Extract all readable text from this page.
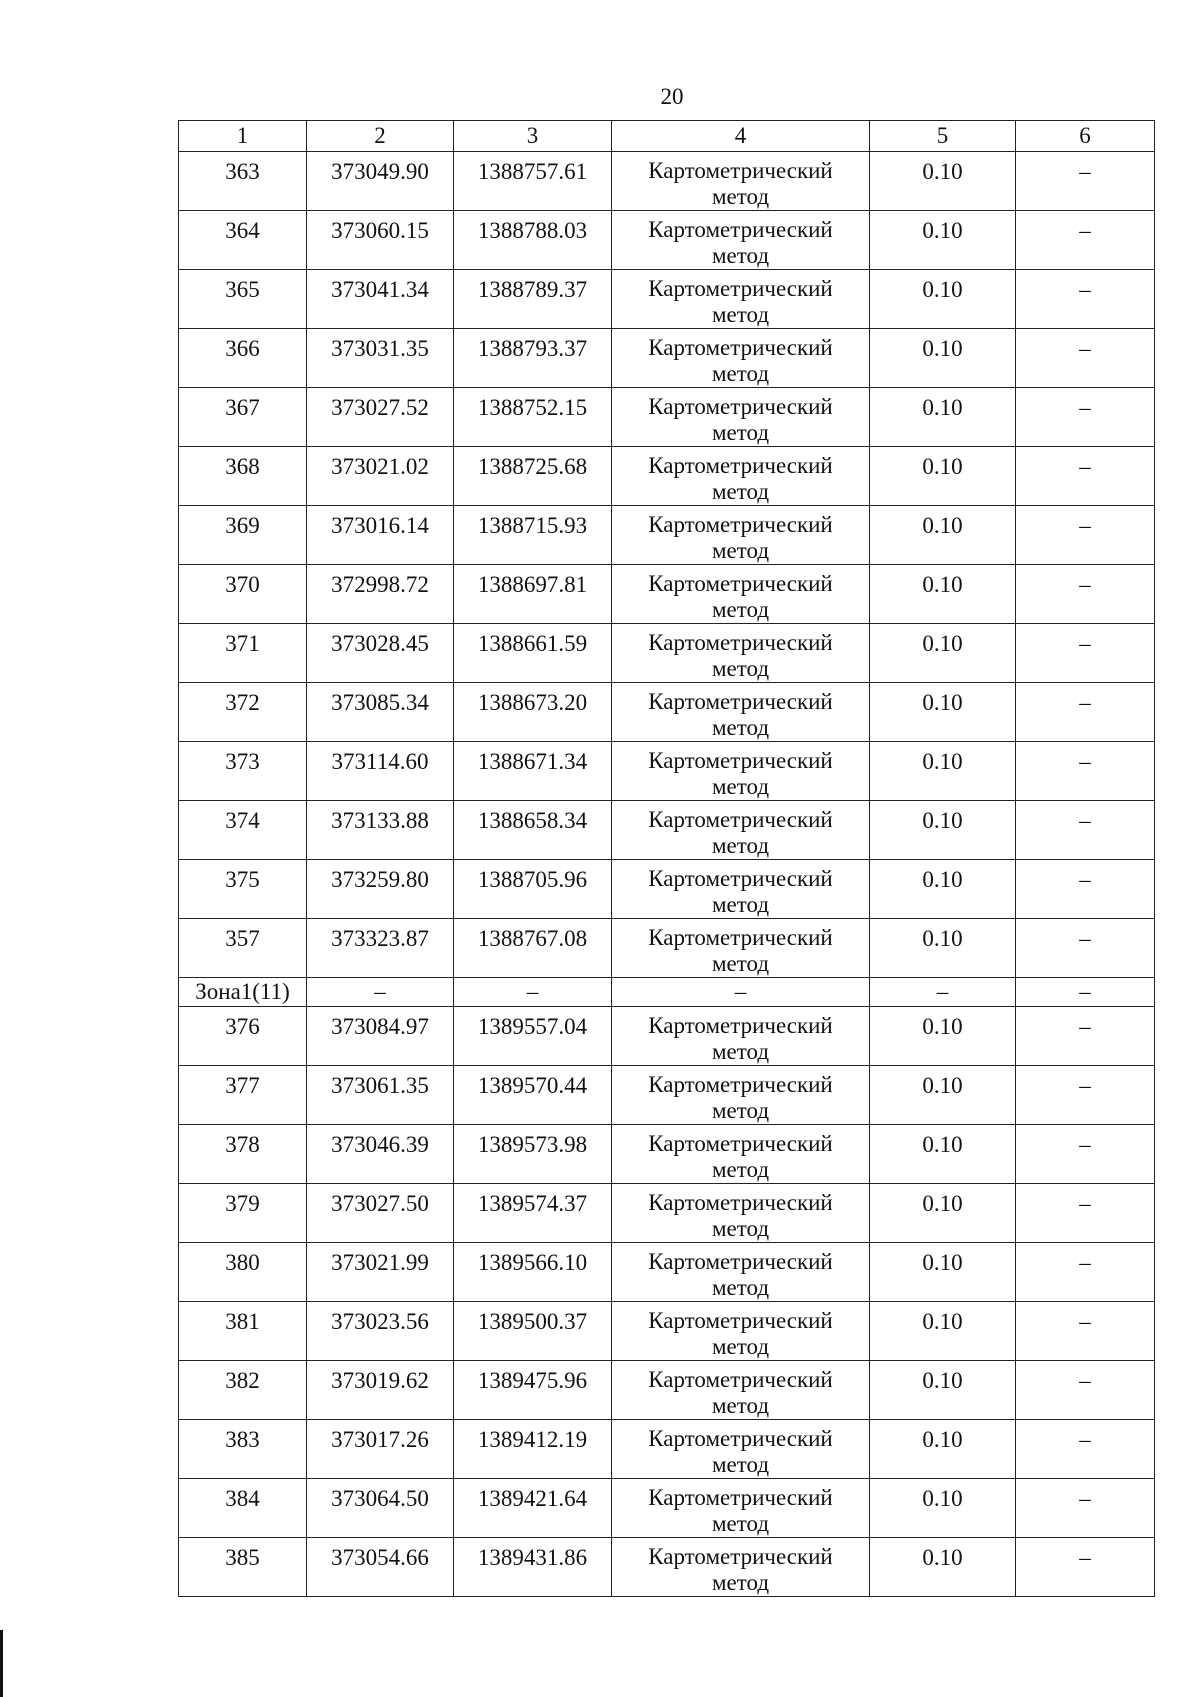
20
1	2	3	4	5	6
363	373049.90	1388757.61	Картометрический метод	0.10	–
364	373060.15	1388788.03	Картометрический метод	0.10	–
365	373041.34	1388789.37	Картометрический метод	0.10	–
366	373031.35	1388793.37	Картометрический метод	0.10	–
367	373027.52	1388752.15	Картометрический метод	0.10	–
368	373021.02	1388725.68	Картометрический метод	0.10	–
369	373016.14	1388715.93	Картометрический метод	0.10	–
370	372998.72	1388697.81	Картометрический метод	0.10	–
371	373028.45	1388661.59	Картометрический метод	0.10	–
372	373085.34	1388673.20	Картометрический метод	0.10	–
373	373114.60	1388671.34	Картометрический метод	0.10	–
374	373133.88	1388658.34	Картометрический метод	0.10	–
375	373259.80	1388705.96	Картометрический метод	0.10	–
357	373323.87	1388767.08	Картометрический метод	0.10	–
Зона1(11)	–	–	–	–	–
376	373084.97	1389557.04	Картометрический метод	0.10	–
377	373061.35	1389570.44	Картометрический метод	0.10	–
378	373046.39	1389573.98	Картометрический метод	0.10	–
379	373027.50	1389574.37	Картометрический метод	0.10	–
380	373021.99	1389566.10	Картометрический метод	0.10	–
381	373023.56	1389500.37	Картометрический метод	0.10	–
382	373019.62	1389475.96	Картометрический метод	0.10	–
383	373017.26	1389412.19	Картометрический метод	0.10	–
384	373064.50	1389421.64	Картометрический метод	0.10	–
385	373054.66	1389431.86	Картометрический метод	0.10	–
